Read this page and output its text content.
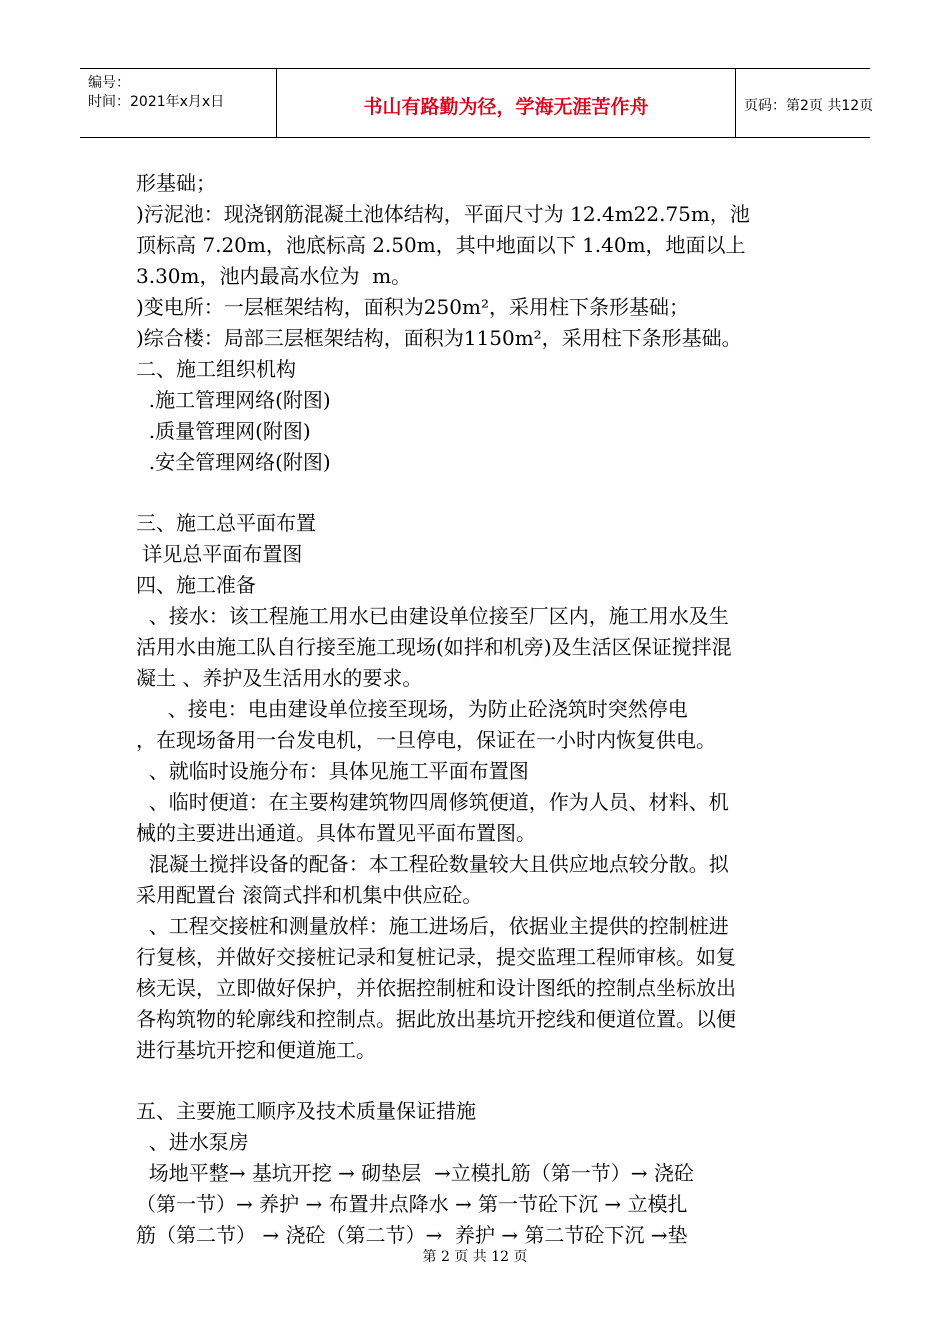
编号：
时间：2021年x月x日	书山有路勤为径，学海无涯苦作舟	页码：第2页 共12页
形基础；
)污泥池：现浇钢筋混凝土池体结构，平面尺寸为 12.4m22.75m，池
顶标高 7.20m，池底标高 2.50m，其中地面以下 1.40m，地面以上
3.30m，池内最高水位为  m。
)变电所：一层框架结构，面积为250m²，采用柱下条形基础；
)综合楼：局部三层框架结构，面积为1150m²，采用柱下条形基础。
二、施工组织机构
.施工管理网络(附图)
.质量管理网(附图)
.安全管理网络(附图)
三、施工总平面布置
详见总平面布置图
四、施工准备
、接水：该工程施工用水已由建设单位接至厂区内，施工用水及生
活用水由施工队自行接至施工现场(如拌和机旁)及生活区保证搅拌混
凝土 、养护及生活用水的要求。
、接电：电由建设单位接至现场，为防止砼浇筑时突然停电
，在现场备用一台发电机，一旦停电，保证在一小时内恢复供电。
、就临时设施分布：具体见施工平面布置图
、临时便道：在主要构建筑物四周修筑便道，作为人员、材料、机
械的主要进出通道。具体布置见平面布置图。
混凝土搅拌设备的配备：本工程砼数量较大且供应地点较分散。拟
采用配置台 滚筒式拌和机集中供应砼。
、工程交接桩和测量放样：施工进场后，依据业主提供的控制桩进
行复核，并做好交接桩记录和复桩记录，提交监理工程师审核。如复
核无误，立即做好保护，并依据控制桩和设计图纸的控制点坐标放出
各构筑物的轮廓线和控制点。据此放出基坑开挖线和便道位置。以便
进行基坑开挖和便道施工。
五、主要施工顺序及技术质量保证措施
、进水泵房
场地平整→ 基坑开挖 → 砌垫层  →立模扎筋（第一节）→ 浇砼
（第一节）→ 养护 → 布置井点降水 → 第一节砼下沉 → 立模扎
筋（第二节） → 浇砼（第二节）→  养护 → 第二节砼下沉 →垫
第 2 页 共 12 页
